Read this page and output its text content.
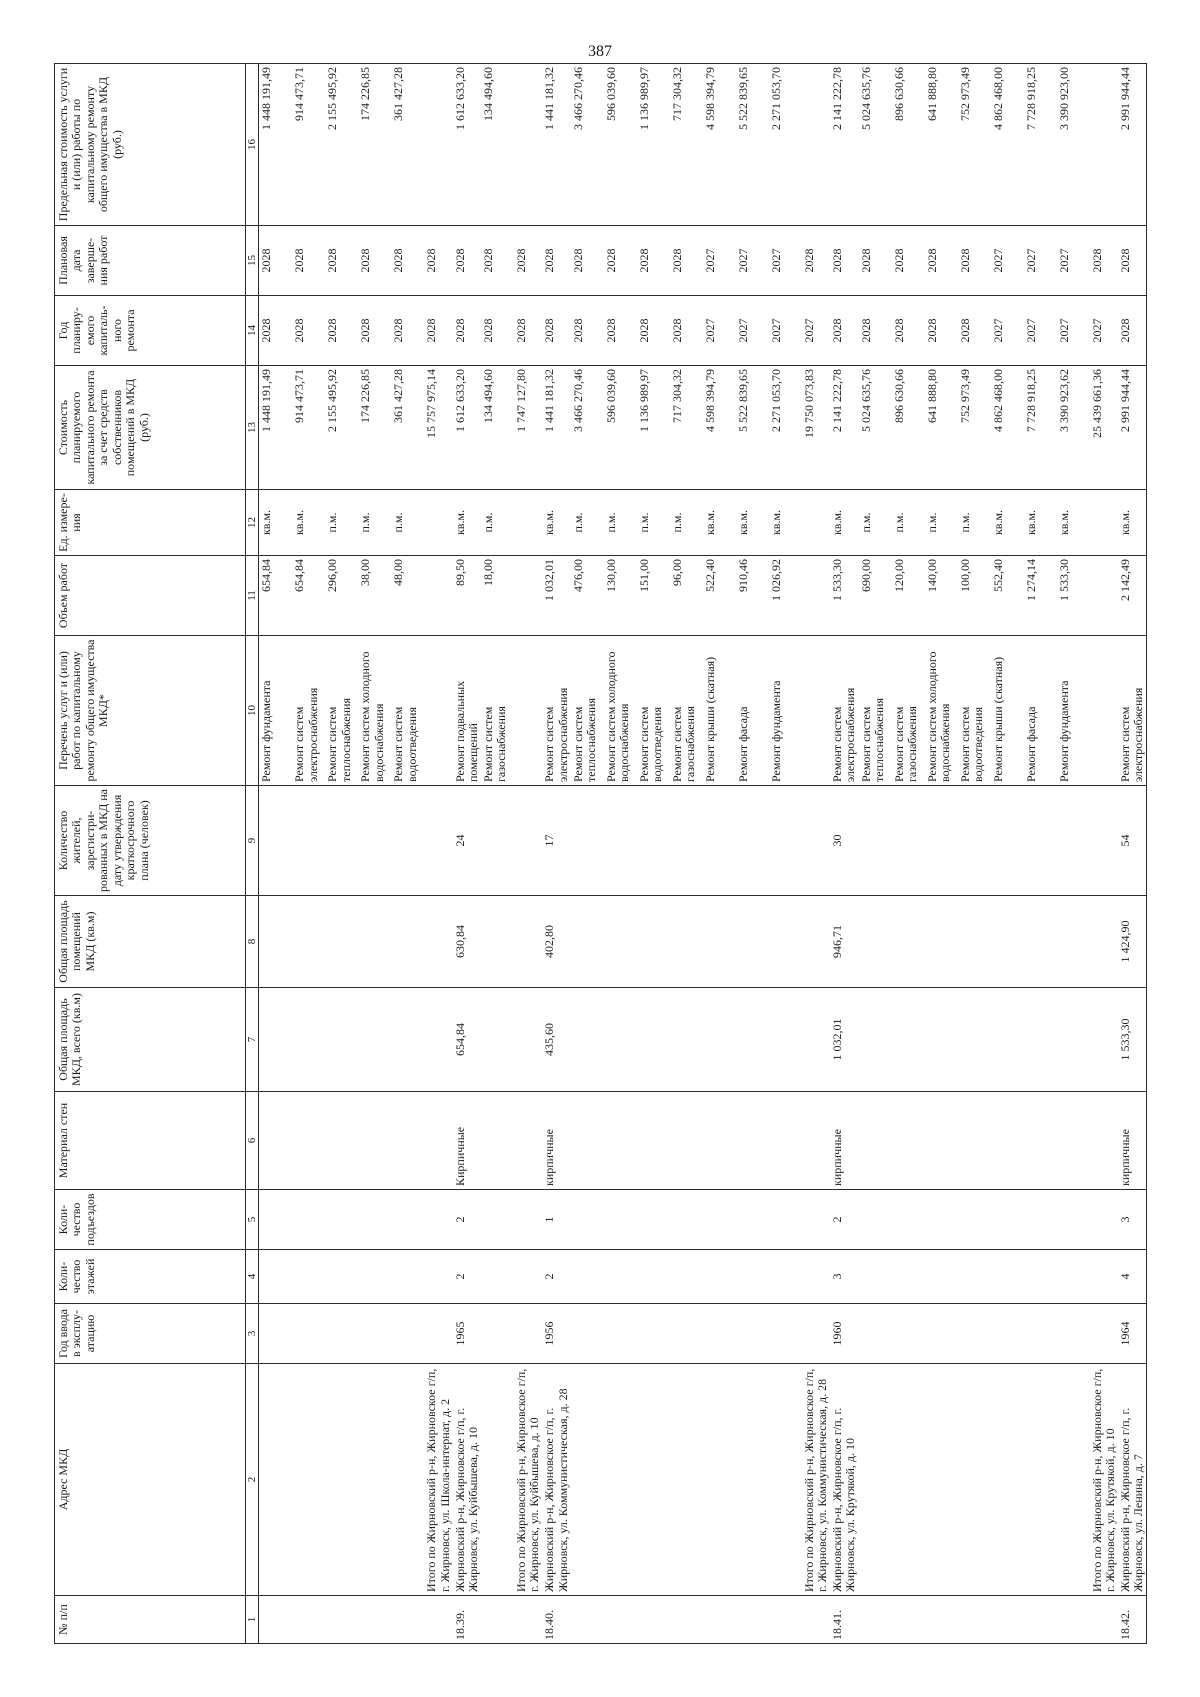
387
№ п/п	Адрес МКД	Год ввода в эксплу-атацию	Коли-чество этажей	Коли-чество подъездов	Материал стен	Общая площадь МКД, всего (кв.м)	Общая площадь помещений МКД (кв.м)	Количество жителей, зарегистри-рованных в МКД на дату утверждения краткосрочного плана (человек)	Перечень услуг и (или) работ по капитальному ремонту общего имущества МКД*	Объем работ	Ед. измере-ния	Стоимость планируемого капитального ремонта за счет средств собственников помещений в МКД (руб.)	Год планиру-емого капиталь-ного ремонта	Плановая дата заверше-ния работ	Предельная стоимость услуги и (или) работы по капитальному ремонту общего имущества в МКД (руб.)
1	2	3	4	5	6	7	8	9	10	11	12	13	14	15	16
									Ремонт фундамента	654,84	кв.м.	1 448 191,49	2028	2028	1 448 191,49
									Ремонт систем электроснабжения	654,84	кв.м.	914 473,71	2028	2028	914 473,71
									Ремонт систем теплоснабжения	296,00	п.м.	2 155 495,92	2028	2028	2 155 495,92
									Ремонт систем холодного водоснабжения	38,00	п.м.	174 226,85	2028	2028	174 226,85
									Ремонт систем водоотведения	48,00	п.м.	361 427,28	2028	2028	361 427,28
	Итого по Жирновский р-н, Жирновское г/п, г. Жирновск, ул. Школа-интернат, д. 2											15 757 975,14	2028	2028	
18.39.	Жирновский р-н, Жирновское г/п, г. Жирновск, ул. Куйбышева, д. 10	1965	2	2	Кирпичные	654,84	630,84	24	Ремонт подвальных помещений	89,50	кв.м.	1 612 633,20	2028	2028	1 612 633,20
									Ремонт систем газоснабжения	18,00	п.м.	134 494,60	2028	2028	134 494,60
	Итого по Жирновский р-н, Жирновское г/п, г. Жирновск, ул. Куйбышева, д. 10											1 747 127,80	2028	2028	
18.40.	Жирновский р-н, Жирновское г/п, г. Жирновск, ул. Коммунистическая, д. 28	1956	2	1	кирпичные	435,60	402,80	17	Ремонт систем электроснабжения	1 032,01	кв.м.	1 441 181,32	2028	2028	1 441 181,32
									Ремонт систем теплоснабжения	476,00	п.м.	3 466 270,46	2028	2028	3 466 270,46
									Ремонт систем холодного водоснабжения	130,00	п.м.	596 039,60	2028	2028	596 039,60
									Ремонт систем водоотведения	151,00	п.м.	1 136 989,97	2028	2028	1 136 989,97
									Ремонт систем газоснабжения	96,00	п.м.	717 304,32	2028	2028	717 304,32
									Ремонт крыши (скатная)	522,40	кв.м.	4 598 394,79	2027	2027	4 598 394,79
									Ремонт фасада	910,46	кв.м.	5 522 839,65	2027	2027	5 522 839,65
									Ремонт фундамента	1 026,92	кв.м.	2 271 053,70	2027	2027	2 271 053,70
	Итого по Жирновский р-н, Жирновское г/п, г. Жирновск, ул. Коммунистическая, д. 28											19 750 073,83	2027	2028	
18.41.	Жирновский р-н, Жирновское г/п, г. Жирновск, ул. Крутякой, д. 10	1960	3	2	кирпичные	1 032,01	946,71	30	Ремонт систем электроснабжения	1 533,30	кв.м.	2 141 222,78	2028	2028	2 141 222,78
									Ремонт систем теплоснабжения	690,00	п.м.	5 024 635,76	2028	2028	5 024 635,76
									Ремонт систем газоснабжения	120,00	п.м.	896 630,66	2028	2028	896 630,66
									Ремонт систем холодного водоснабжения	140,00	п.м.	641 888,80	2028	2028	641 888,80
									Ремонт систем водоотведения	100,00	п.м.	752 973,49	2028	2028	752 973,49
									Ремонт крыши (скатная)	552,40	кв.м.	4 862 468,00	2027	2027	4 862 468,00
									Ремонт фасада	1 274,14	кв.м.	7 728 918,25	2027	2027	7 728 918,25
									Ремонт фундамента	1 533,30	кв.м.	3 390 923,62	2027	2027	3 390 923,00
	Итого по Жирновский р-н, Жирновское г/п, г. Жирновск, ул. Крутякой, д. 10											25 439 661,36	2027	2028	
18.42.	Жирновский р-н, Жирновское г/п, г. Жирновск, ул. Ленина, д. 7	1964	4	3	кирпичные	1 533,30	1 424,90	54	Ремонт систем электроснабжения	2 142,49	кв.м.	2 991 944,44	2028	2028	2 991 944,44
